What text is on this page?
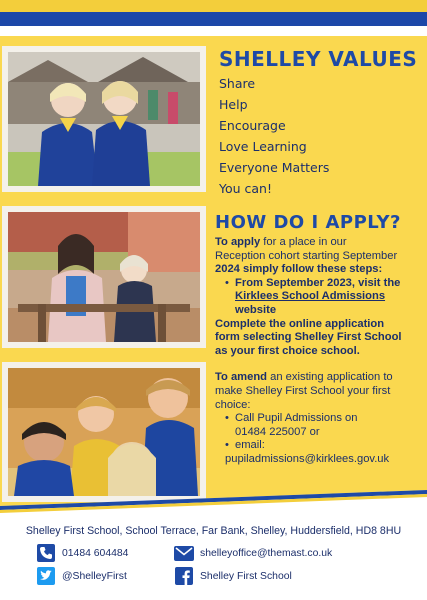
SHELLEY VALUES
Share
Help
Encourage
Love Learning
Everyone Matters
You can!
HOW DO I APPLY?
To apply for a place in our
Reception cohort starting September
2024 simply follow these steps:
• From September 2023, visit the
Kirklees School Admissions
website
Complete the online application
form selecting Shelley First School
as your first choice school.
To amend an existing application to
make Shelley First School your first
choice:
• Call Pupil Admissions on
01484 225007 or
• email:
pupiladmissions@kirklees.gov.uk
Shelley First School, School Terrace, Far Bank, Shelley, Huddersfield, HD8 8HU
01484 604484	shelleyoffice@themast.co.uk
@ShelleyFirst	Shelley First School
